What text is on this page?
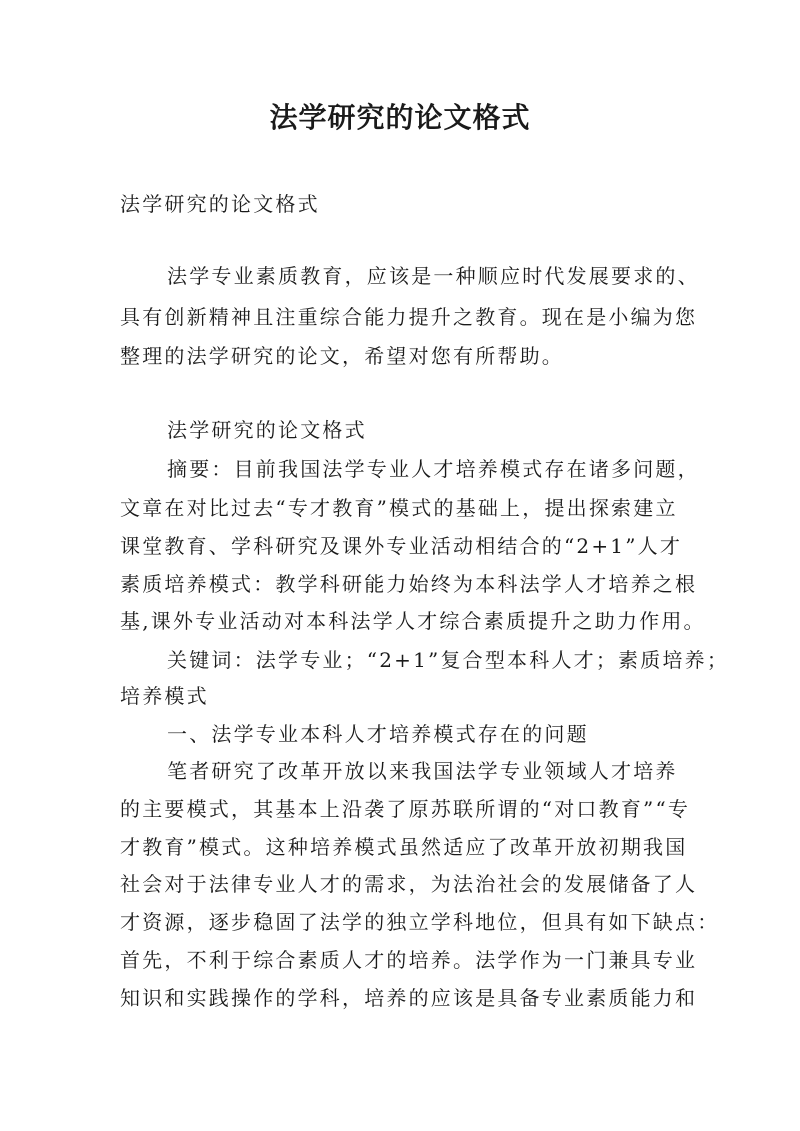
法学研究的论文格式
法学研究的论文格式
法学专业素质教育，应该是一种顺应时代发展要求的、
具有创新精神且注重综合能力提升之教育。现在是小编为您
整理的法学研究的论文，希望对您有所帮助。
法学研究的论文格式
摘要：目前我国法学专业人才培养模式存在诸多问题，
文章在对比过去“专才教育”模式的基础上，提出探索建立
课堂教育、学科研究及课外专业活动相结合的“2+1”人才
素质培养模式：教学科研能力始终为本科法学人才培养之根
基,课外专业活动对本科法学人才综合素质提升之助力作用。
关键词：法学专业；“2+1”复合型本科人才；素质培养；
培养模式
一、法学专业本科人才培养模式存在的问题
笔者研究了改革开放以来我国法学专业领域人才培养
的主要模式，其基本上沿袭了原苏联所谓的“对口教育”“专
才教育”模式。这种培养模式虽然适应了改革开放初期我国
社会对于法律专业人才的需求，为法治社会的发展储备了人
才资源，逐步稳固了法学的独立学科地位，但具有如下缺点：
首先，不利于综合素质人才的培养。法学作为一门兼具专业
知识和实践操作的学科，培养的应该是具备专业素质能力和
